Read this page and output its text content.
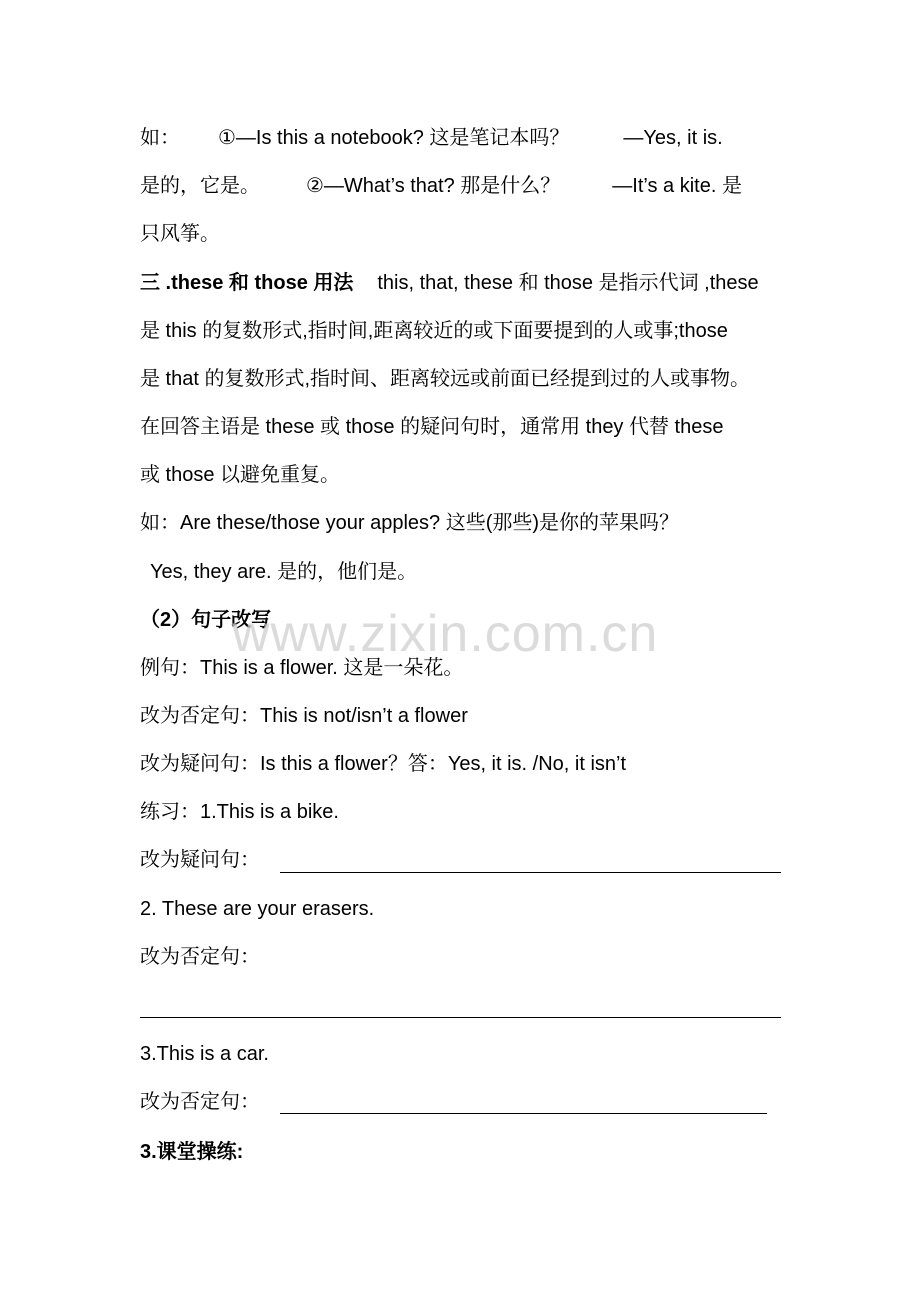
如： ①—Is this a notebook? 这是笔记本吗？	—Yes, it is.
是的，它是。 ②—What’s that? 那是什么？	—It’s a kite. 是
只风筝。
三 .these 和 those 用法 this, that, these 和 those 是指示代词 ,these
是 this 的复数形式,指时间,距离较近的或下面要提到的人或事;those
是 that 的复数形式,指时间、距离较远或前面已经提到过的人或事物。
在回答主语是 these 或 those 的疑问句时，通常用 they 代替 these
或 those 以避免重复。
如：Are these/those your apples? 这些(那些)是你的苹果吗？
Yes, they are. 是的，他们是。
（2）句子改写
www.zixin.com.cn
例句：This is a flower. 这是一朵花。
改为否定句：This is not/isn’t a flower
改为疑问句：Is this a flower？答：Yes, it is. /No, it isn’t
练习：1.This is a bike.
改为疑问句：
2. These are your erasers.
改为否定句：
3.This is a car.
改为否定句：
3.课堂操练:
